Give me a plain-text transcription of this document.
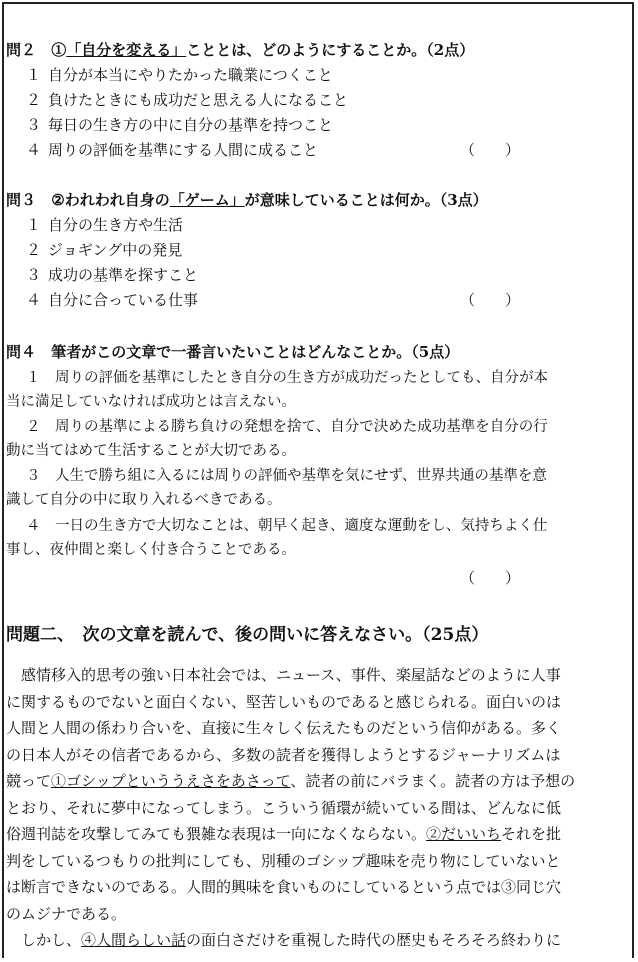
問２ ①「自分を変える」こととは、どのようにすることか。（2点）
１ 自分が本当にやりたかった職業につくこと
２ 負けたときにも成功だと思える人になること
３ 毎日の生き方の中に自分の基準を持つこと
４ 周りの評価を基準にする人間に成ること	（　　）
問３ ②われわれ自身の「ゲーム」が意味していることは何か。（3点）
１ 自分の生き方や生活
２ ジョギング中の発見
３ 成功の基準を探すこと
４ 自分に合っている仕事	（　　）
問４ 筆者がこの文章で一番言いたいことはどんなことか。（5点）
１　周りの評価を基準にしたとき自分の生き方が成功だったとしても、自分が本
当に満足していなければ成功とは言えない。
２　周りの基準による勝ち負けの発想を捨て、自分で決めた成功基準を自分の行
動に当てはめて生活することが大切である。
３　人生で勝ち組に入るには周りの評価や基準を気にせず、世界共通の基準を意
識して自分の中に取り入れるべきである。
４　一日の生き方で大切なことは、朝早く起き、適度な運動をし、気持ちよく仕
事し、夜仲間と楽しく付き合うことである。
（　　）
問題二、　次の文章を読んで、後の問いに答えなさい。（25点）
　感情移入的思考の強い日本社会では、ニュース、事件、楽屋話などのように人事
に関するものでないと面白くない、堅苦しいものであると感じられる。面白いのは
人間と人間の係わり合いを、直接に生々しく伝えたものだという信仰がある。多く
の日本人がその信者であるから、多数の読者を獲得しようとするジャーナリズムは
競って①ゴシップといううえさをあさって、読者の前にバラまく。読者の方は予想の
とおり、それに夢中になってしまう。こういう循環が続いている間は、どんなに低
俗週刊誌を攻撃してみても猥雑な表現は一向になくならない。②だいいちそれを批
判をしているつもりの批判にしても、別種のゴシップ趣味を売り物にしていないと
は断言できないのである。人間的興味を食いものにしているという点では③同じ穴
のムジナである。
　しかし、④人間らしい話の面白さだけを重視した時代の歴史もそろそろ終わりに
